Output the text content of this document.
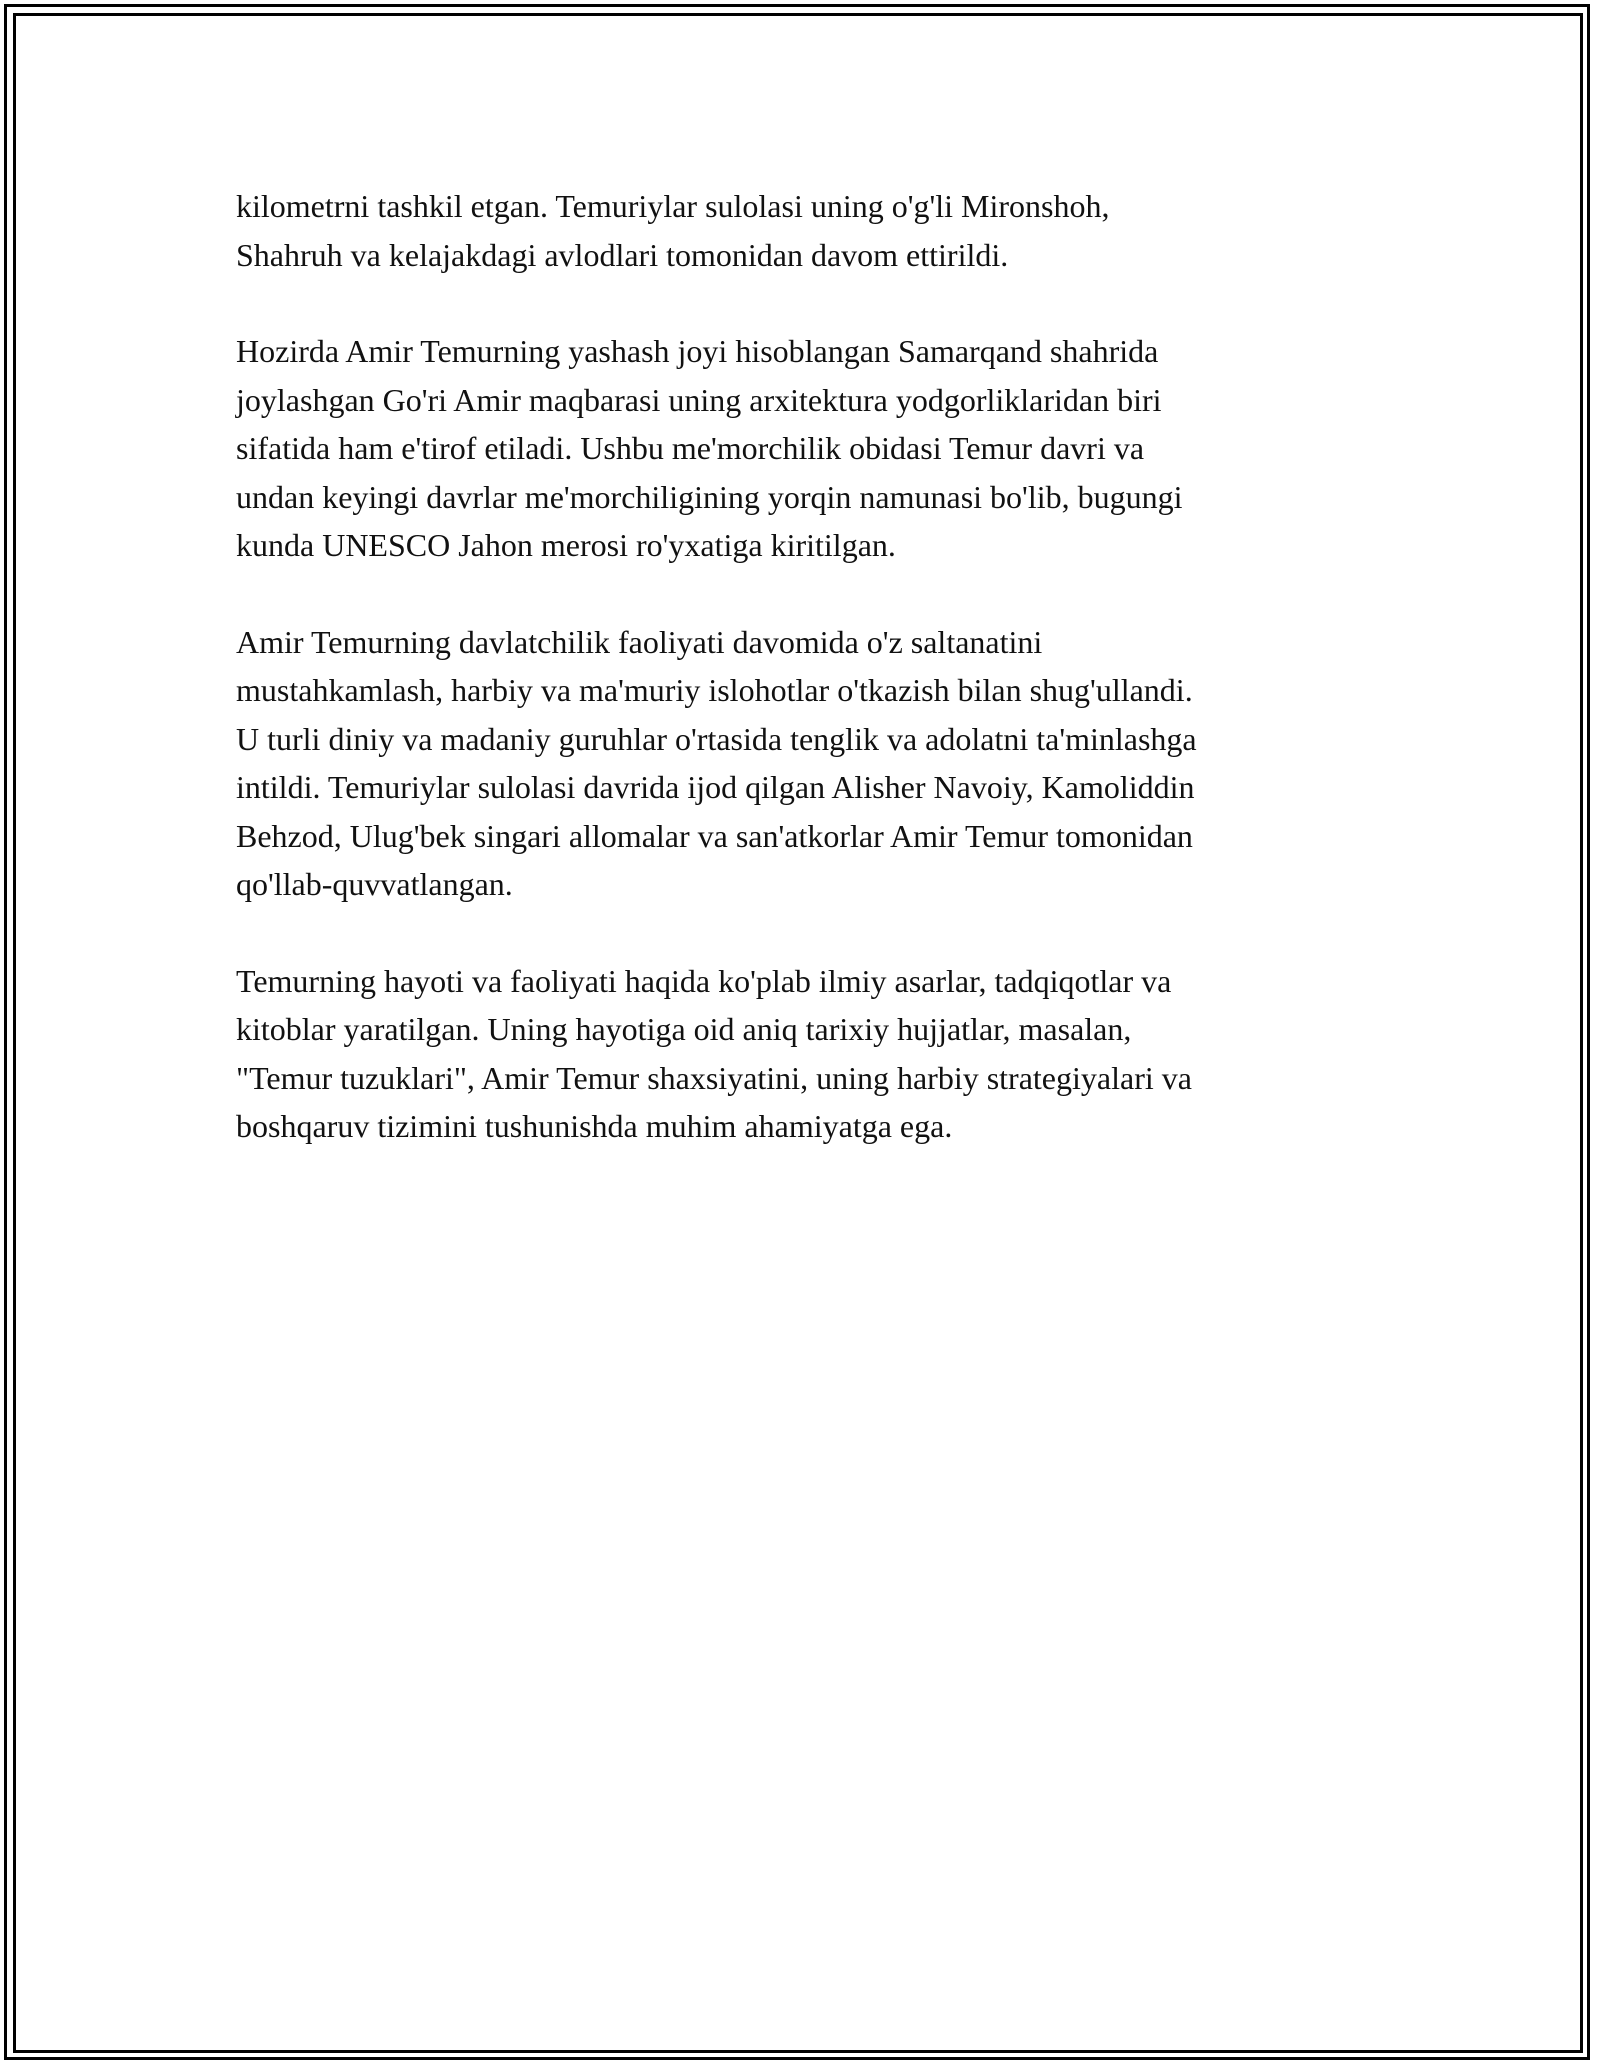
kilometrni tashkil etgan. Temuriylar sulolasi uning o'g'li Mironshoh,
Shahruh va kelajakdagi avlodlari tomonidan davom ettirildi.

Hozirda Amir Temurning yashash joyi hisoblangan Samarqand shahrida
joylashgan Go'ri Amir maqbarasi uning arxitektura yodgorliklaridan biri
sifatida ham e'tirof etiladi. Ushbu me'morchilik obidasi Temur davri va
undan keyingi davrlar me'morchiligining yorqin namunasi bo'lib, bugungi
kunda UNESCO Jahon merosi ro'yxatiga kiritilgan.

Amir Temurning davlatchilik faoliyati davomida o'z saltanatini
mustahkamlash, harbiy va ma'muriy islohotlar o'tkazish bilan shug'ullandi.
U turli diniy va madaniy guruhlar o'rtasida tenglik va adolatni ta'minlashga
intildi. Temuriylar sulolasi davrida ijod qilgan Alisher Navoiy, Kamoliddin
Behzod, Ulug'bek singari allomalar va san'atkorlar Amir Temur tomonidan
qo'llab-quvvatlangan.

Temurning hayoti va faoliyati haqida ko'plab ilmiy asarlar, tadqiqotlar va
kitoblar yaratilgan. Uning hayotiga oid aniq tarixiy hujjatlar, masalan,
"Temur tuzuklari", Amir Temur shaxsiyatini, uning harbiy strategiyalari va
boshqaruv tizimini tushunishda muhim ahamiyatga ega.
